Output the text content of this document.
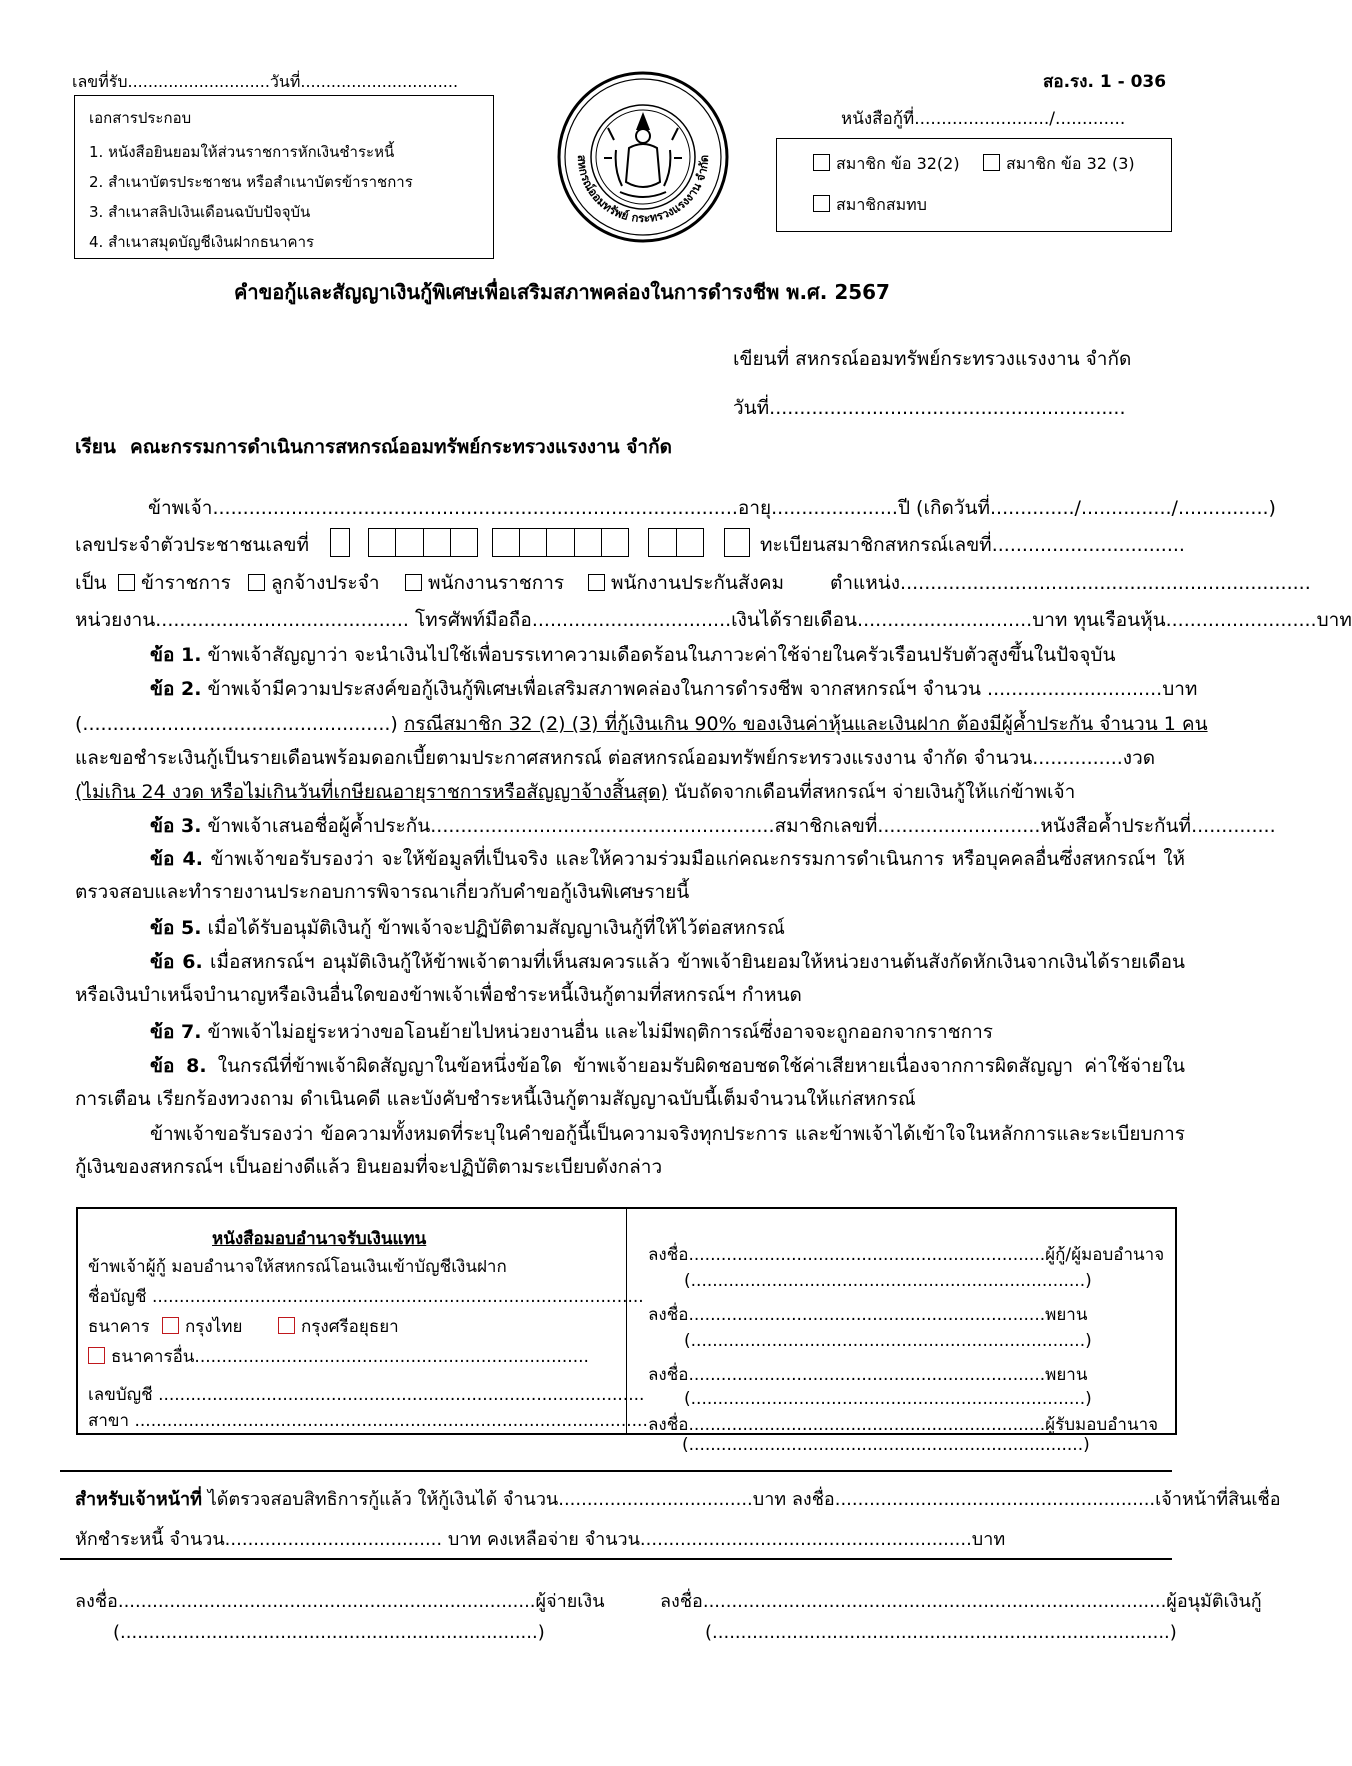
เลขที่รับ............................วันที่...............................	สอ.รง. 1 - 036
หนังสือกู้ที่........................./.............
เอกสารประกอบ
1. หนังสือยินยอมให้ส่วนราชการหักเงินชำระหนี้
2. สำเนาบัตรประชาชน หรือสำเนาบัตรข้าราชการ
3. สำเนาสลิปเงินเดือนฉบับปัจจุบัน
4. สำเนาสมุดบัญชีเงินฝากธนาคาร
สหกรณ์ออมทรัพย์ กระทรวงแรงงาน จำกัด	สมาชิก ข้อ 32(2)	สมาชิก ข้อ 32 (3)
สมาชิกสมทบ
คำขอกู้และสัญญาเงินกู้พิเศษเพื่อเสริมสภาพคล่องในการดำรงชีพ พ.ศ. 2567
เขียนที่ สหกรณ์ออมทรัพย์กระทรวงแรงงาน จำกัด
วันที่...........................................................
เรียน คณะกรรมการดำเนินการสหกรณ์ออมทรัพย์กระทรวงแรงงาน จำกัด
ข้าพเจ้า.......................................................................................อายุ.....................ปี (เกิดวันที่............../.............../...............)
เลขประจำตัวประชาชนเลขที่	ทะเบียนสมาชิกสหกรณ์เลขที่................................
เป็น	ข้าราชการ	ลูกจ้างประจำ	พนักงานราชการ	พนักงานประกันสังคม ตำแหน่ง....................................................................
หน่วยงาน.......................................... โทรศัพท์มือถือ.................................เงินได้รายเดือน.............................บาท ทุนเรือนหุ้น.........................บาท
ข้อ 1. ข้าพเจ้าสัญญาว่า จะนำเงินไปใช้เพื่อบรรเทาความเดือดร้อนในภาวะค่าใช้จ่ายในครัวเรือนปรับตัวสูงขึ้นในปัจจุบัน
ข้อ 2. ข้าพเจ้ามีความประสงค์ขอกู้เงินกู้พิเศษเพื่อเสริมสภาพคล่องในการดำรงชีพ จากสหกรณ์ฯ จำนวน .............................บาท
(...................................................) กรณีสมาชิก 32 (2) (3) ที่กู้เงินเกิน 90% ของเงินค่าหุ้นและเงินฝาก ต้องมีผู้ค้ำประกัน จำนวน 1 คน
และขอชำระเงินกู้เป็นรายเดือนพร้อมดอกเบี้ยตามประกาศสหกรณ์ ต่อสหกรณ์ออมทรัพย์กระทรวงแรงงาน จำกัด จำนวน...............งวด
(ไม่เกิน 24 งวด หรือไม่เกินวันที่เกษียณอายุราชการหรือสัญญาจ้างสิ้นสุด) นับถัดจากเดือนที่สหกรณ์ฯ จ่ายเงินกู้ให้แก่ข้าพเจ้า
ข้อ 3. ข้าพเจ้าเสนอชื่อผู้ค้ำประกัน.........................................................สมาชิกเลขที่...........................หนังสือค้ำประกันที่..............
ข้อ 4. ข้าพเจ้าขอรับรองว่า จะให้ข้อมูลที่เป็นจริง และให้ความร่วมมือแก่คณะกรรมการดำเนินการ หรือบุคคลอื่นซึ่งสหกรณ์ฯ ให้ตรวจสอบและทำรายงานประกอบการพิจารณาเกี่ยวกับคำขอกู้เงินพิเศษรายนี้
ข้อ 5. เมื่อได้รับอนุมัติเงินกู้ ข้าพเจ้าจะปฏิบัติตามสัญญาเงินกู้ที่ให้ไว้ต่อสหกรณ์
ข้อ 6. เมื่อสหกรณ์ฯ อนุมัติเงินกู้ให้ข้าพเจ้าตามที่เห็นสมควรแล้ว ข้าพเจ้ายินยอมให้หน่วยงานต้นสังกัดหักเงินจากเงินได้รายเดือนหรือเงินบำเหน็จบำนาญหรือเงินอื่นใดของข้าพเจ้าเพื่อชำระหนี้เงินกู้ตามที่สหกรณ์ฯ กำหนด
ข้อ 7. ข้าพเจ้าไม่อยู่ระหว่างขอโอนย้ายไปหน่วยงานอื่น และไม่มีพฤติการณ์ซึ่งอาจจะถูกออกจากราชการ
ข้อ 8. ในกรณีที่ข้าพเจ้าผิดสัญญาในข้อหนึ่งข้อใด ข้าพเจ้ายอมรับผิดชอบชดใช้ค่าเสียหายเนื่องจากการผิดสัญญา ค่าใช้จ่ายในการเตือน เรียกร้องทวงถาม ดำเนินคดี และบังคับชำระหนี้เงินกู้ตามสัญญาฉบับนี้เต็มจำนวนให้แก่สหกรณ์
ข้าพเจ้าขอรับรองว่า ข้อความทั้งหมดที่ระบุในคำขอกู้นี้เป็นความจริงทุกประการ และข้าพเจ้าได้เข้าใจในหลักการและระเบียบการกู้เงินของสหกรณ์ฯ เป็นอย่างดีแล้ว ยินยอมที่จะปฏิบัติตามระเบียบดังกล่าว
หนังสือมอบอำนาจรับเงินแทน
ข้าพเจ้าผู้กู้ มอบอำนาจให้สหกรณ์โอนเงินเข้าบัญชีเงินฝาก
ชื่อบัญชี ...........................................................................................
ธนาคาร	กรุงไทย	กรุงศรีอยุธยา
ธนาคารอื่น.........................................................................
เลขบัญชี ..........................................................................................
สาขา ...............................................................................................
ลงชื่อ..................................................................ผู้กู้/ผู้มอบอำนาจ
(.........................................................................)
ลงชื่อ..................................................................พยาน
(.........................................................................)
ลงชื่อ..................................................................พยาน
(.........................................................................)
ลงชื่อ..................................................................ผู้รับมอบอำนาจ
(.........................................................................)
สำหรับเจ้าหน้าที่ ได้ตรวจสอบสิทธิการกู้แล้ว ให้กู้เงินได้ จำนวน..................................บาท ลงชื่อ........................................................เจ้าหน้าที่สินเชื่อ
หักชำระหนี้ จำนวน...................................... บาท คงเหลือจ่าย จำนวน..........................................................บาท
ลงชื่อ.........................................................................ผู้จ่ายเงิน
(.........................................................................)
ลงชื่อ.................................................................................ผู้อนุมัติเงินกู้
(................................................................................)
